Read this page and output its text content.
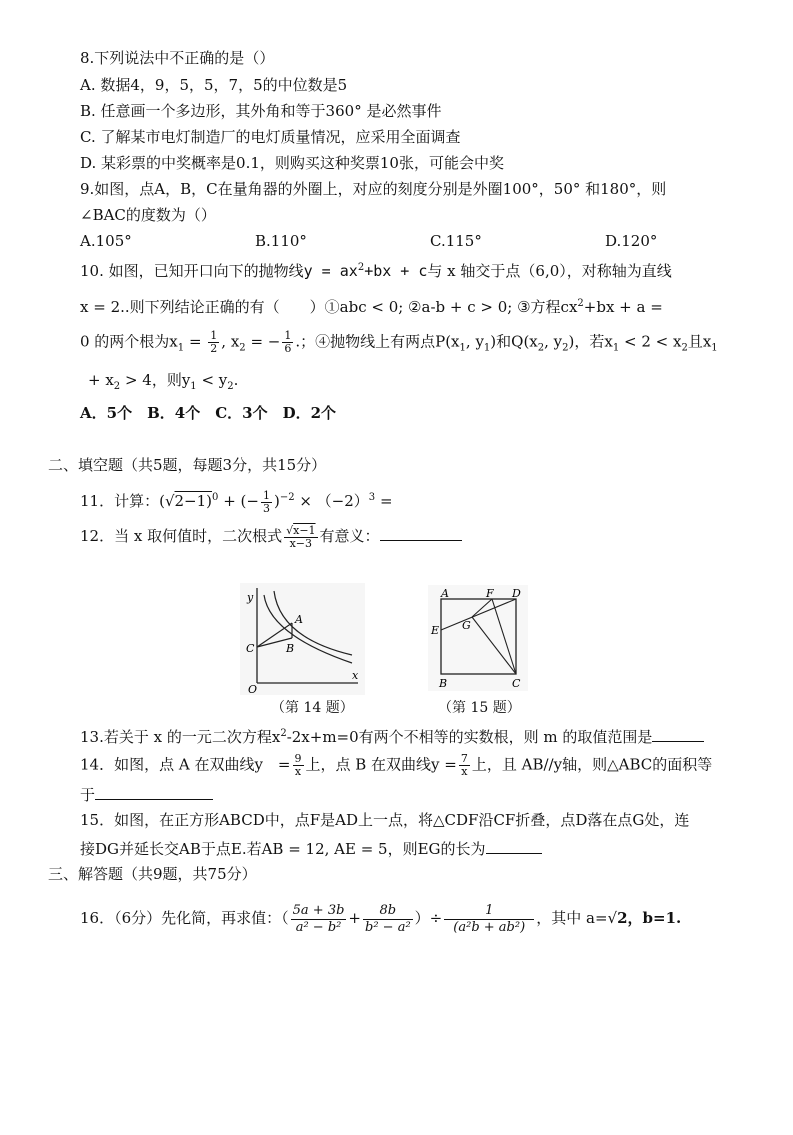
8.下列说法中不正确的是（）
A. 数据4，9，5，5，7，5的中位数是5
B. 任意画一个多边形，其外角和等于360° 是必然事件
C. 了解某市电灯制造厂的电灯质量情况，应采用全面调查
D. 某彩票的中奖概率是0.1，则购买这种奖票10张，可能会中奖
9.如图，点A，B，C在量角器的外圈上，对应的刻度分别是外圈100°，50° 和180°，则
∠BAC的度数为（）
A.105°	B.110°	C.115°	D.120°
10. 如图，已知开口向下的抛物线$y = ax^2+bx + c$与 x 轴交于点（6,0），对称轴为直线
x = 2..则下列结论正确的有（　　）①abc < 0; ②a-b + c > 0; ③方程$cx^2+bx + a$ =
0 的两个根为$x_1 = \frac{1}{2}$ , $x_2$ = − $\frac{1}{6}$ .；④抛物线上有两点$P(x_1$, $y_1$)和$Q(x_2$, $y_2$)，若$x_1 < 2 < x_2$且$x_1$
+ $x_2 > 4$，则$y_1 < y_2$.
A．5个　B．4个　C．3个　D．2个
二、填空题（共5题，每题3分，共15分）
11．计算：$(√2-1)^0$ + (− $\frac{1}{3} )^{-2} \times (-2)^3$ =
12．当 x 取何值时，二次根式 $\frac{√x-1}{x-3}$ 有意义：
y
x
O
A
B
C
（第 14 题）
A	F D
E G
B	C
（第 15 题）
13.若关于 x 的一元二次方程$x^2-2x+m=0$有两个不相等的实数根，则 m 的取值范围是
14．如图，点 A 在双曲线y　= $\frac{9}{x}$ 上，点 B 在双曲线$y = \frac{7}{x}$ 上，且 AB//y轴，则△ABC的面积等
于
15．如图，在正方形ABCD中，点F是AD上一点，将△CDF沿CF折叠，点D落在点G处，连
接DG并延长交AB于点E.若AB = 12, AE = 5，则EG的长为
三、解答题（共9题，共75分）
16．（6分）先化简，再求值：（ $\frac{5a + 3b}{\text{a² − b²}} + \frac{8b}{\text{b² − a²}}$ ）÷ $\frac{1}{\text{(a²b + ab²)}}$ ，其中 a=√2，b=1.
